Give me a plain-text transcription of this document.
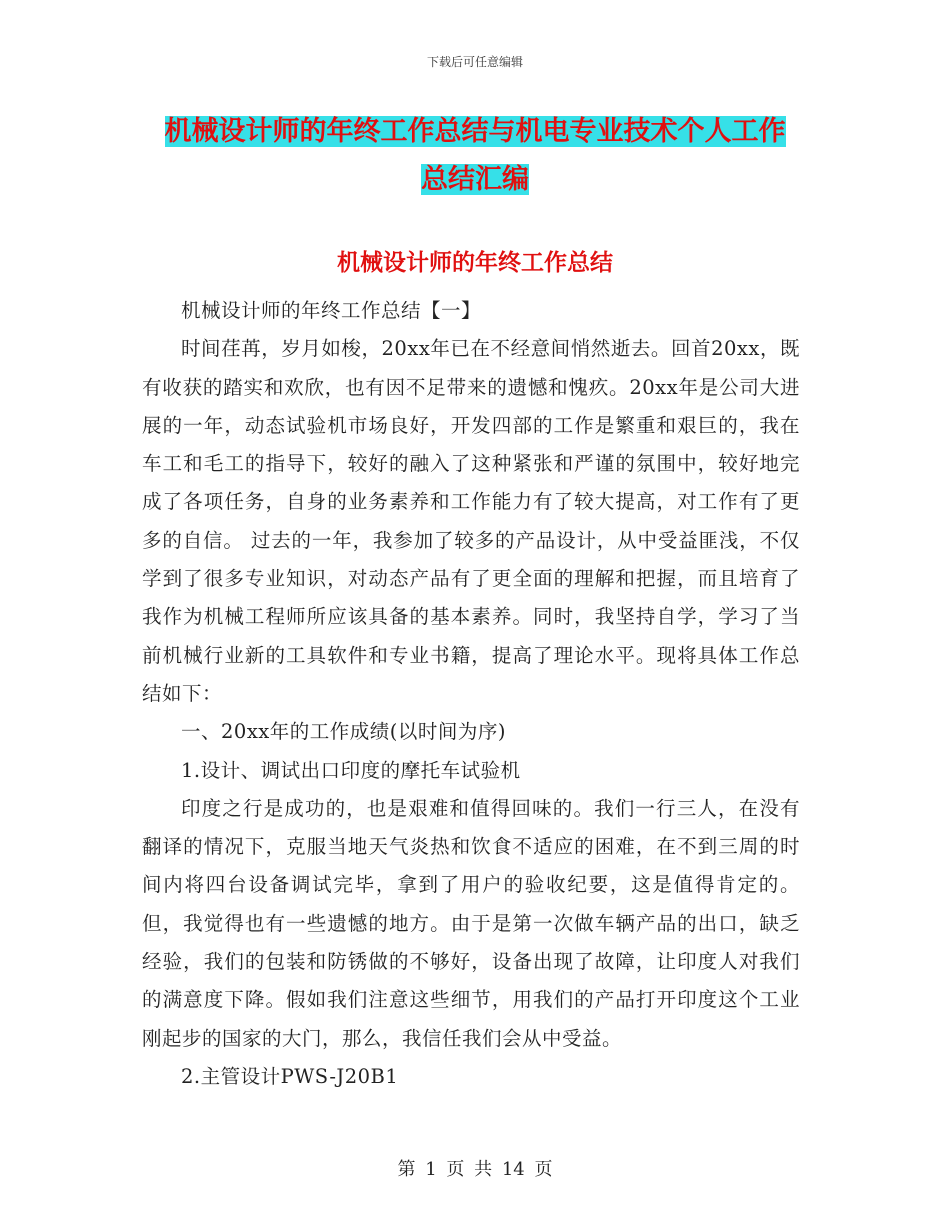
下载后可任意编辑
机械设计师的年终工作总结与机电专业技术个人工作
总结汇编
机械设计师的年终工作总结

机械设计师的年终工作总结【一】

时间荏苒，岁月如梭，20xx年已在不经意间悄然逝去。回首20xx，既有收获的踏实和欢欣，也有因不足带来的遗憾和愧疚。20xx年是公司大进展的一年，动态试验机市场良好，开发四部的工作是繁重和艰巨的，我在车工和毛工的指导下，较好的融入了这种紧张和严谨的氛围中，较好地完成了各项任务，自身的业务素养和工作能力有了较大提高，对工作有了更多的自信。 过去的一年，我参加了较多的产品设计，从中受益匪浅，不仅学到了很多专业知识，对动态产品有了更全面的理解和把握，而且培育了我作为机械工程师所应该具备的基本素养。同时，我坚持自学，学习了当前机械行业新的工具软件和专业书籍，提高了理论水平。现将具体工作总结如下：

一、20xx年的工作成绩(以时间为序)

1.设计、调试出口印度的摩托车试验机

印度之行是成功的，也是艰难和值得回味的。我们一行三人，在没有翻译的情况下，克服当地天气炎热和饮食不适应的困难，在不到三周的时间内将四台设备调试完毕，拿到了用户的验收纪要，这是值得肯定的。但，我觉得也有一些遗憾的地方。由于是第一次做车辆产品的出口，缺乏经验，我们的包装和防锈做的不够好，设备出现了故障，让印度人对我们的满意度下降。假如我们注意这些细节，用我们的产品打开印度这个工业刚起步的国家的大门，那么，我信任我们会从中受益。

2.主管设计PWS-J20B1

第 1 页 共 14 页
